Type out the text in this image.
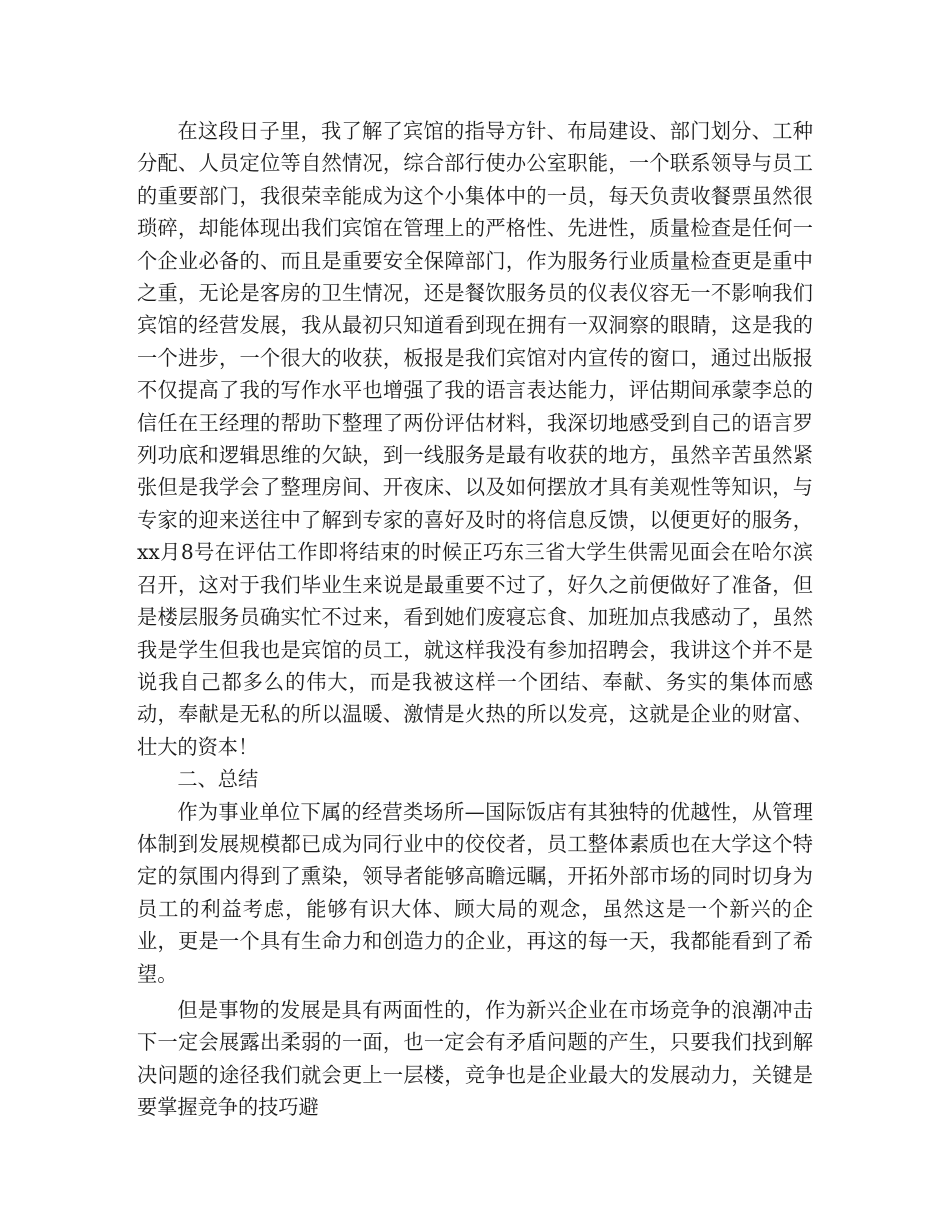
在这段日子里，我了解了宾馆的指导方针、布局建设、部门划分、工种分配、人员定位等自然情况，综合部行使办公室职能，一个联系领导与员工的重要部门，我很荣幸能成为这个小集体中的一员，每天负责收餐票虽然很琐碎，却能体现出我们宾馆在管理上的严格性、先进性，质量检查是任何一个企业必备的、而且是重要安全保障部门，作为服务行业质量检查更是重中之重，无论是客房的卫生情况，还是餐饮服务员的仪表仪容无一不影响我们宾馆的经营发展，我从最初只知道看到现在拥有一双洞察的眼睛，这是我的一个进步，一个很大的收获，板报是我们宾馆对内宣传的窗口，通过出版报不仅提高了我的写作水平也增强了我的语言表达能力，评估期间承蒙李总的信任在王经理的帮助下整理了两份评估材料，我深切地感受到自己的语言罗列功底和逻辑思维的欠缺，到一线服务是最有收获的地方，虽然辛苦虽然紧张但是我学会了整理房间、开夜床、以及如何摆放才具有美观性等知识，与专家的迎来送往中了解到专家的喜好及时的将信息反馈，以便更好的服务，xx月8号在评估工作即将结束的时候正巧东三省大学生供需见面会在哈尔滨召开，这对于我们毕业生来说是最重要不过了，好久之前便做好了准备，但是楼层服务员确实忙不过来，看到她们废寝忘食、加班加点我感动了，虽然我是学生但我也是宾馆的员工，就这样我没有参加招聘会，我讲这个并不是说我自己都多么的伟大，而是我被这样一个团结、奉献、务实的集体而感动，奉献是无私的所以温暖、激情是火热的所以发亮，这就是企业的财富、壮大的资本！

二、总结

作为事业单位下属的经营类场所—国际饭店有其独特的优越性，从管理体制到发展规模都已成为同行业中的佼佼者，员工整体素质也在大学这个特定的氛围内得到了熏染，领导者能够高瞻远瞩，开拓外部市场的同时切身为员工的利益考虑，能够有识大体、顾大局的观念，虽然这是一个新兴的企业，更是一个具有生命力和创造力的企业，再这的每一天，我都能看到了希望。

但是事物的发展是具有两面性的，作为新兴企业在市场竞争的浪潮冲击下一定会展露出柔弱的一面，也一定会有矛盾问题的产生，只要我们找到解决问题的途径我们就会更上一层楼，竞争也是企业最大的发展动力，关键是要掌握竞争的技巧避
